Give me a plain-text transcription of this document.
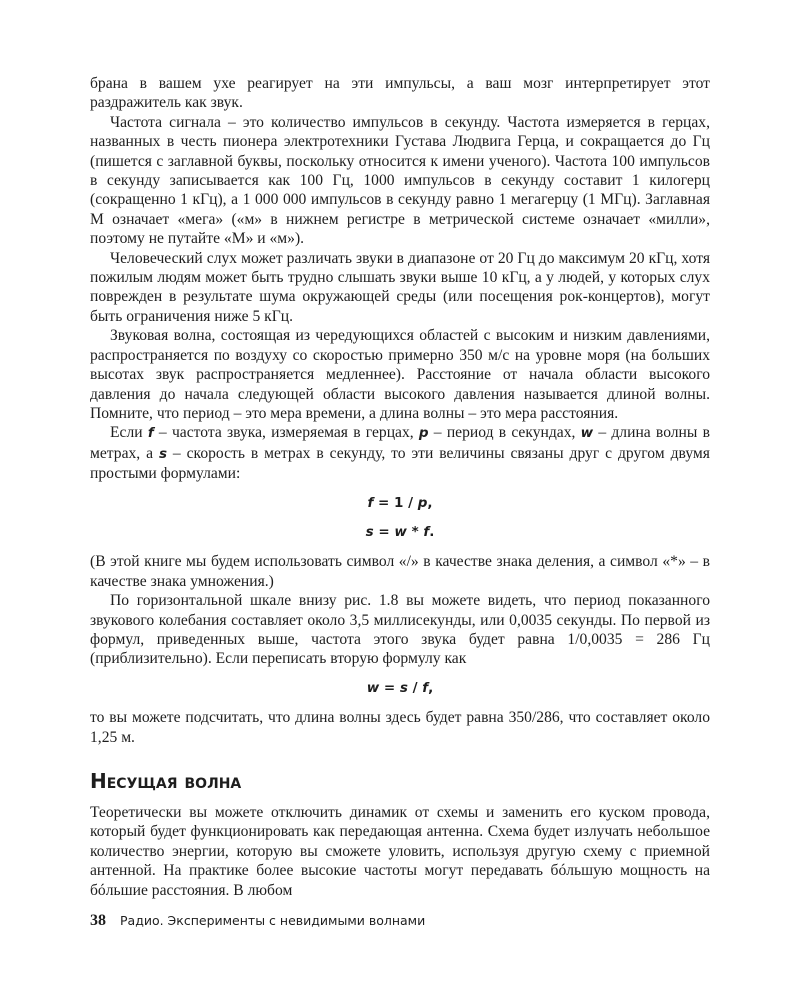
брана в вашем ухе реагирует на эти импульсы, а ваш мозг интерпретирует этот раздражитель как звук.

Частота сигнала – это количество импульсов в секунду. Частота измеряется в герцах, названных в честь пионера электротехники Густава Людвига Герца, и сокращается до Гц (пишется с заглавной буквы, поскольку относится к имени ученого). Частота 100 импульсов в секунду записывается как 100 Гц, 1000 импульсов в секунду составит 1 килогерц (сокращенно 1 кГц), а 1 000 000 импульсов в секунду равно 1 мегагерцу (1 МГц). Заглавная М означает «мега» («м» в нижнем регистре в метрической системе означает «милли», поэтому не путайте «М» и «м»).

Человеческий слух может различать звуки в диапазоне от 20 Гц до максимум 20 кГц, хотя пожилым людям может быть трудно слышать звуки выше 10 кГц, а у людей, у которых слух поврежден в результате шума окружающей среды (или посещения рок-концертов), могут быть ограничения ниже 5 кГц.

Звуковая волна, состоящая из чередующихся областей с высоким и низким давлениями, распространяется по воздуху со скоростью примерно 350 м/с на уровне моря (на больших высотах звук распространяется медленнее). Расстояние от начала области высокого давления до начала следующей области высокого давления называется длиной волны. Помните, что период – это мера времени, а длина волны – это мера расстояния.

Если f – частота звука, измеряемая в герцах, p – период в секундах, w – длина волны в метрах, а s – скорость в метрах в секунду, то эти величины связаны друг с другом двумя простыми формулами:

f = 1 / p,

s = w * f.

(В этой книге мы будем использовать символ «/» в качестве знака деления, а символ «*» – в качестве знака умножения.)

По горизонтальной шкале внизу рис. 1.8 вы можете видеть, что период показанного звукового колебания составляет около 3,5 миллисекунды, или 0,0035 секунды. По первой из формул, приведенных выше, частота этого звука будет равна 1/0,0035 = 286 Гц (приблизительно). Если переписать вторую формулу как

w = s / f,

то вы можете подсчитать, что длина волны здесь будет равна 350/286, что составляет около 1,25 м.

Несущая волна

Теоретически вы можете отключить динамик от схемы и заменить его куском провода, который будет функционировать как передающая антенна. Схема будет излучать небольшое количество энергии, которую вы сможете уловить, используя другую схему с приемной антенной. На практике более высокие частоты могут передавать бóльшую мощность на бóльшие расстояния. В любом

38 Радио. Эксперименты с невидимыми волнами
